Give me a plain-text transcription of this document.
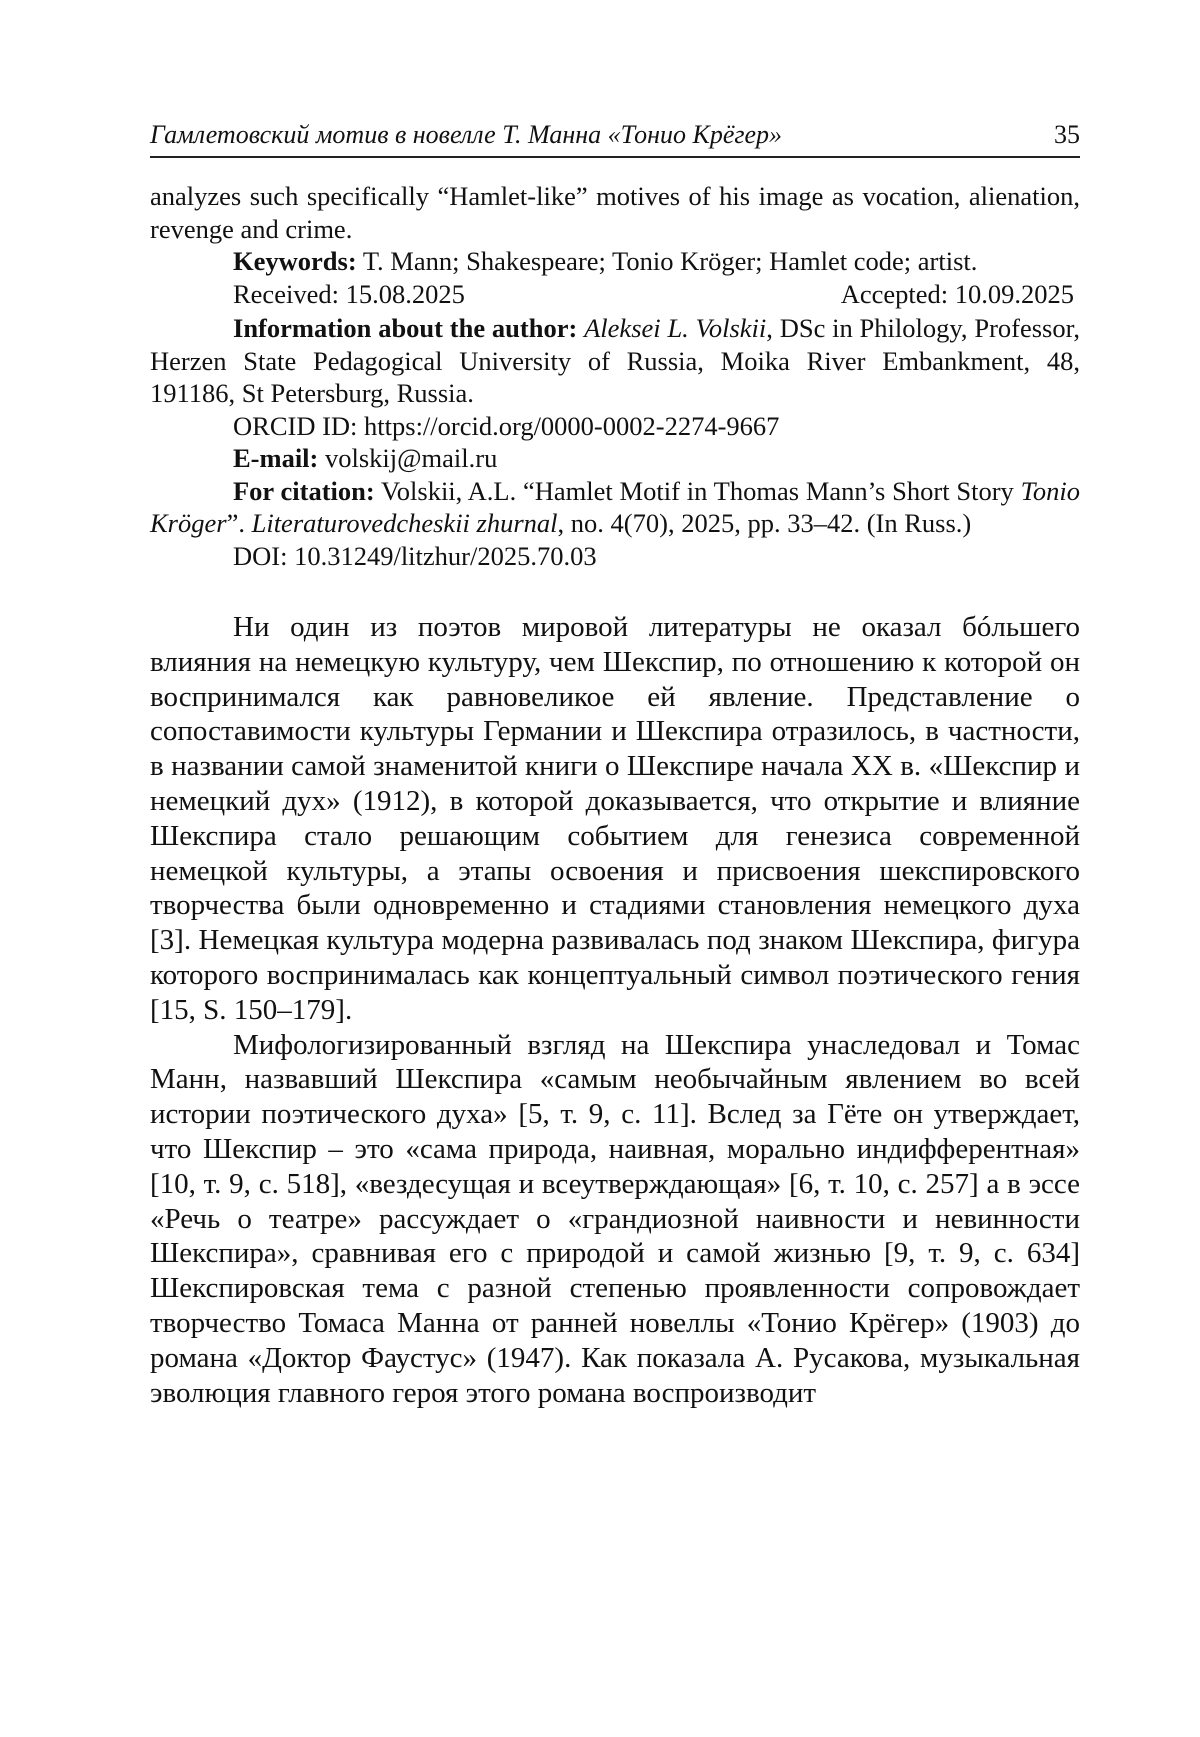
Гамлетовский мотив в новелле Т. Манна «Тонио Крёгер»	35

analyzes such specifically “Hamlet-like” motives of his image as vocation, alienation, revenge and crime.

Keywords: T. Mann; Shakespeare; Tonio Kröger; Hamlet code; artist.

Received: 15.08.2025	Accepted: 10.09.2025

Information about the author: Aleksei L. Volskii, DSc in Philology, Professor, Herzen State Pedagogical University of Russia, Moika River Embankment, 48, 191186, St Petersburg, Russia.

ORCID ID: https://orcid.org/0000-0002-2274-9667

E-mail: volskij@mail.ru

For citation: Volskii, A.L. “Hamlet Motif in Thomas Mann’s Short Story Tonio Kröger”. Literaturovedcheskii zhurnal, no. 4(70), 2025, pp. 33–42. (In Russ.)

DOI: 10.31249/litzhur/2025.70.03

Ни один из поэтов мировой литературы не оказал бóльшего влияния на немецкую культуру, чем Шекспир, по отношению к которой он воспринимался как равновеликое ей явление. Представление о сопоставимости культуры Германии и Шекспира отразилось, в частности, в названии самой знаменитой книги о Шекспире начала XX в. «Шекспир и немецкий дух» (1912), в которой доказывается, что открытие и влияние Шекспира стало решающим событием для генезиса современной немецкой культуры, а этапы освоения и присвоения шекспировского творчества были одновременно и стадиями становления немецкого духа [3]. Немецкая культура модерна развивалась под знаком Шекспира, фигура которого воспринималась как концептуальный символ поэтического гения [15, S. 150–179].

Мифологизированный взгляд на Шекспира унаследовал и Томас Манн, назвавший Шекспира «самым необычайным явлением во всей истории поэтического духа» [5, т. 9, с. 11]. Вслед за Гёте он утверждает, что Шекспир – это «сама природа, наивная, морально индифферентная» [10, т. 9, с. 518], «вездесущая и всеутверждающая» [6, т. 10, с. 257] а в эссе «Речь о театре» рассуждает о «грандиозной наивности и невинности Шекспира», сравнивая его с природой и самой жизнью [9, т. 9, с. 634] Шекспировская тема с разной степенью проявленности сопровождает творчество Томаса Манна от ранней новеллы «Тонио Крёгер» (1903) до романа «Доктор Фаустус» (1947). Как показала А. Русакова, музыкальная эволюция главного героя этого романа воспроизводит
